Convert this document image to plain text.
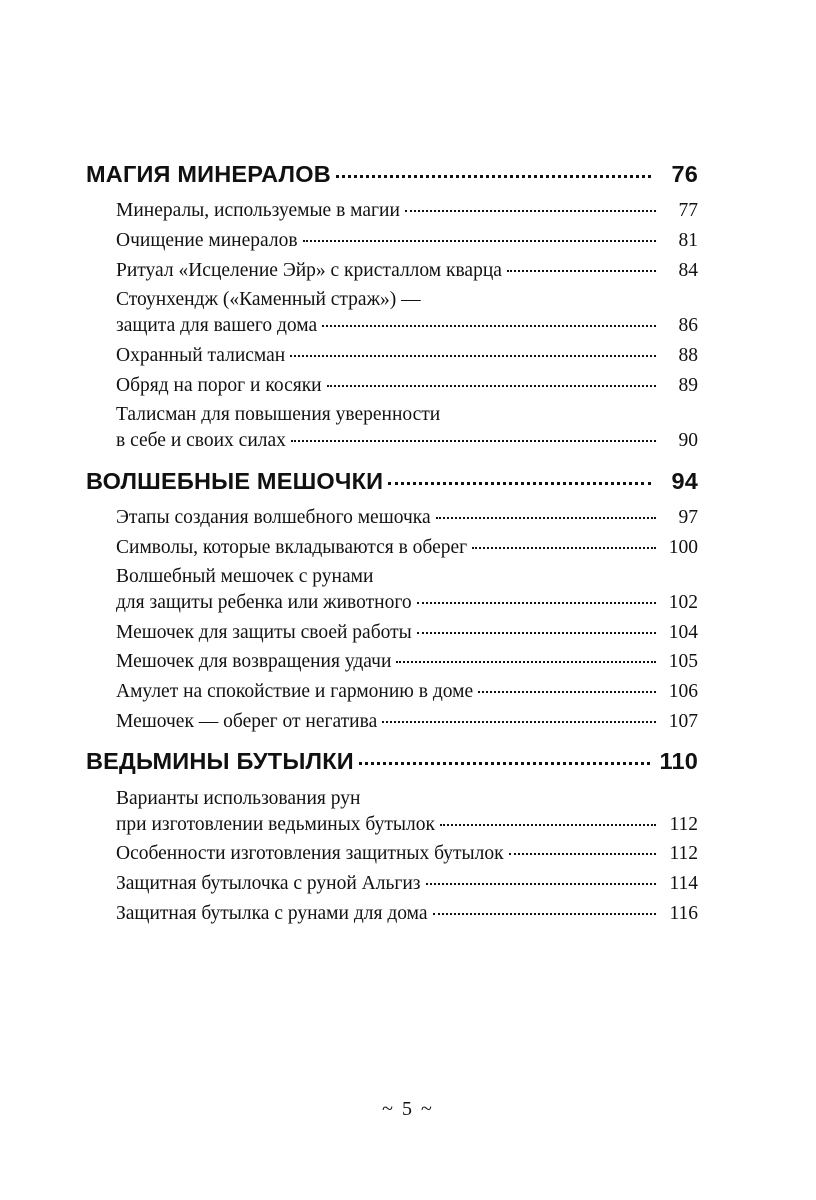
МАГИЯ МИНЕРАЛОВ	76
Минералы, используемые в магии	77
Очищение минералов	81
Ритуал «Исцеление Эйр» с кристаллом кварца	84
Стоунхендж («Каменный страж») —
защита для вашего дома	86
Охранный талисман	88
Обряд на порог и косяки	89
Талисман для повышения уверенности
в себе и своих силах	90
ВОЛШЕБНЫЕ МЕШОЧКИ	94
Этапы создания волшебного мешочка	97
Символы, которые вкладываются в оберег	100
Волшебный мешочек с рунами
для защиты ребенка или животного	102
Мешочек для защиты своей работы	104
Мешочек для возвращения удачи	105
Амулет на спокойствие и гармонию в доме	106
Мешочек — оберег от негатива	107
ВЕДЬМИНЫ БУТЫЛКИ	110
Варианты использования рун
при изготовлении ведьминых бутылок	112
Особенности изготовления защитных бутылок	112
Защитная бутылочка с руной Альгиз	114
Защитная бутылка с рунами для дома	116
~ 5 ~
